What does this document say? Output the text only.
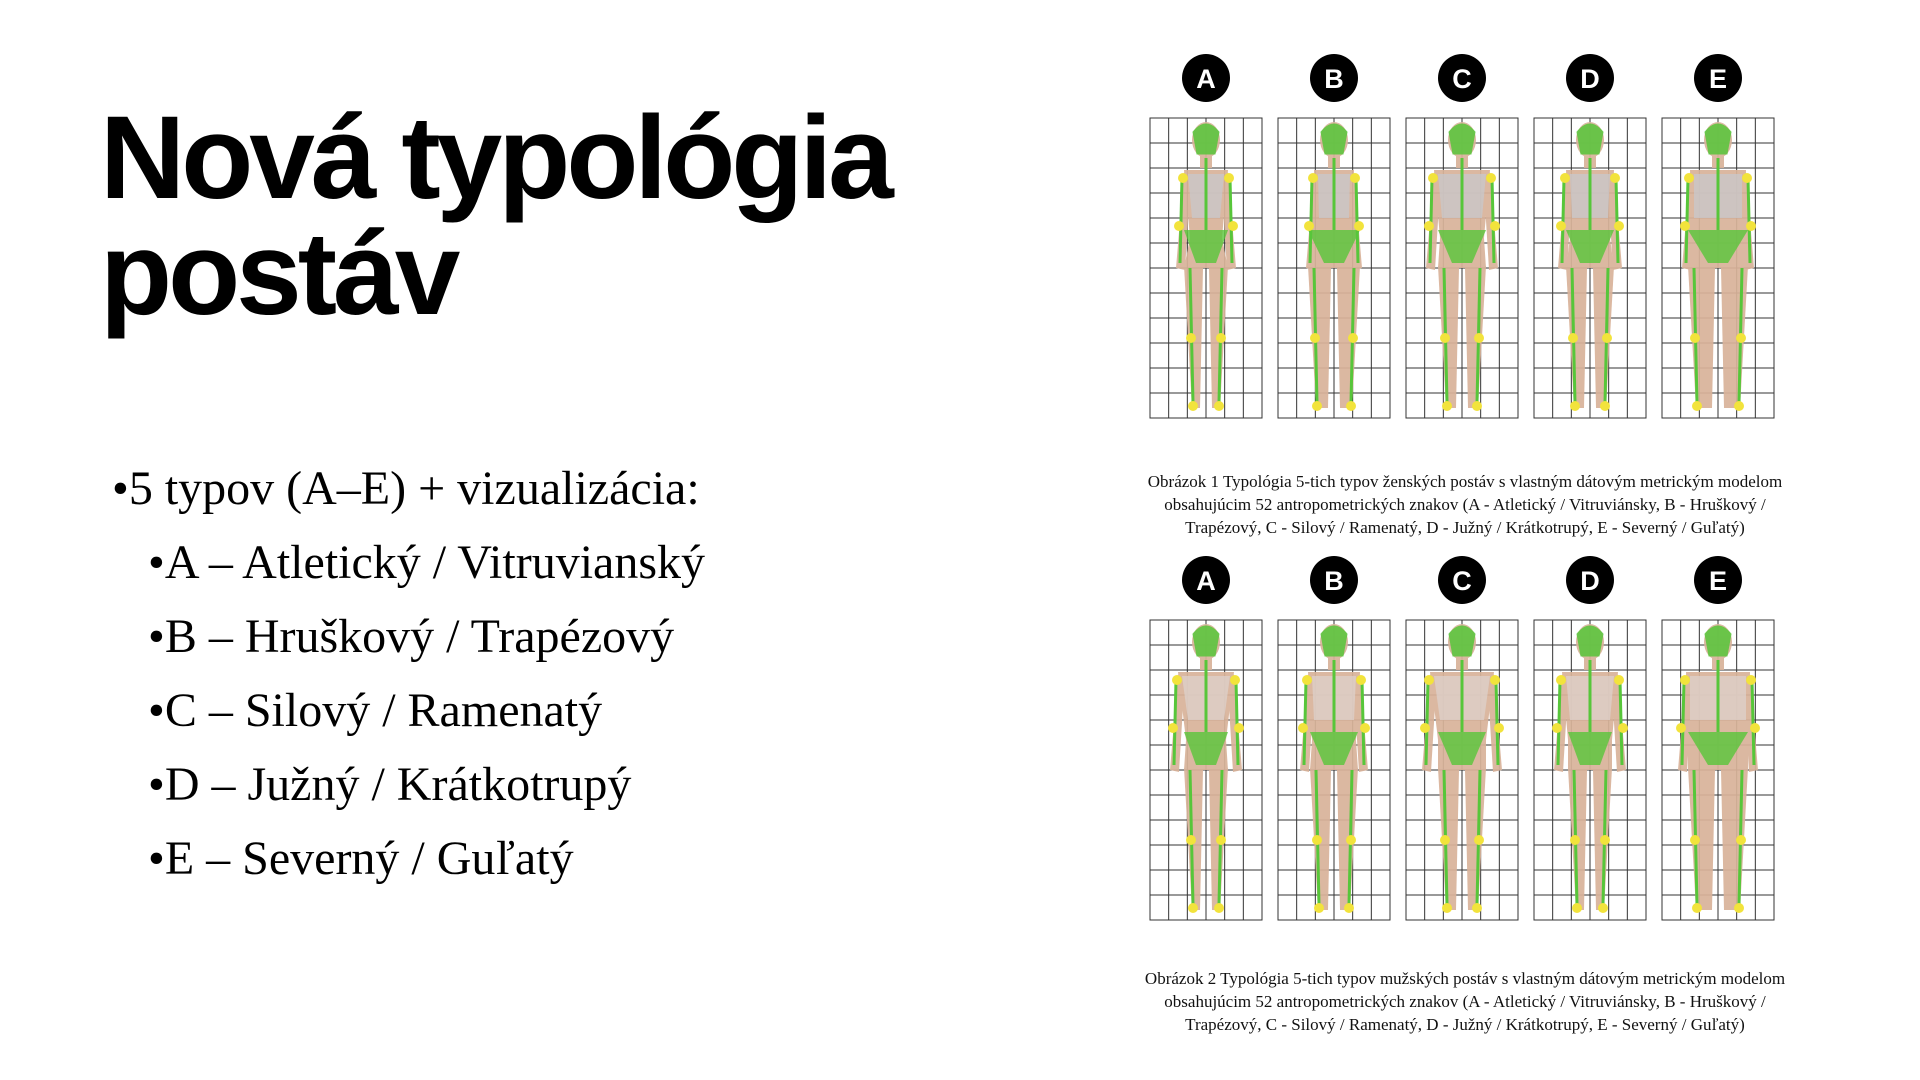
Nová typológia postáv
• 5 typov (A–E) + vizualizácia:
• A – Atletický / Vitruvianský
• B – Hruškový / Trapézový
• C – Silový / Ramenatý
• D – Južný / Krátkotrupý
• E – Severný / Guľatý
A	B	C	D	E
Obrázok 1 Typológia 5-tich typov ženských postáv s vlastným dátovým metrickým modelom obsahujúcim 52 antropometrických znakov (A - Atletický / Vitruviánsky, B - Hruškový / Trapézový, C - Silový / Ramenatý, D - Južný / Krátkotrupý, E - Severný / Guľatý)
A	B	C	D	E
Obrázok 2 Typológia 5-tich typov mužských postáv s vlastným dátovým metrickým modelom obsahujúcim 52 antropometrických znakov (A - Atletický / Vitruviánsky, B - Hruškový / Trapézový, C - Silový / Ramenatý, D - Južný / Krátkotrupý, E - Severný / Guľatý)
